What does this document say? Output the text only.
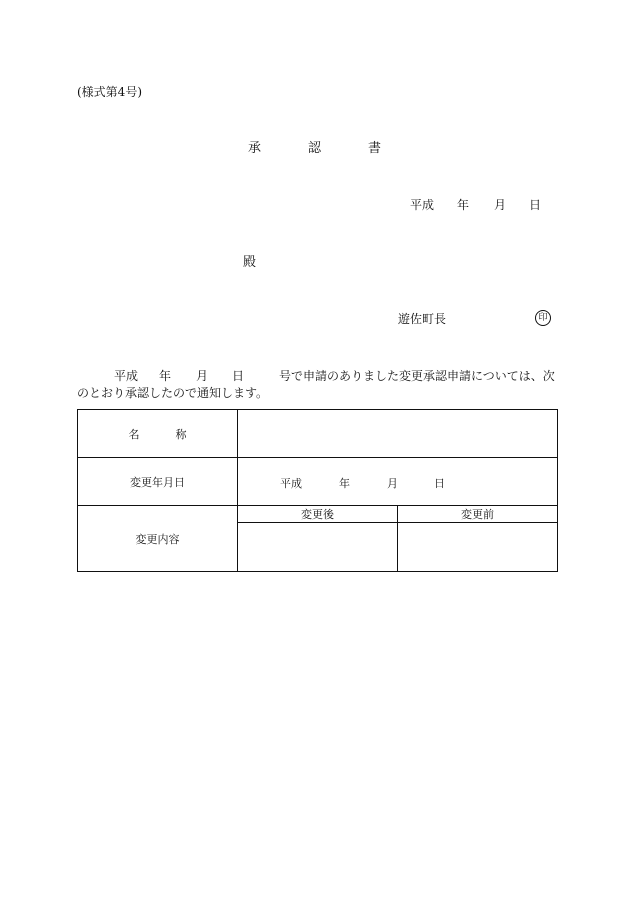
(様式第4号)
承	認	書
平成 年 月 日
殿
遊佐町長	印
平成 年 月 日	号で申請のありました変更承認申請については、次
のとおり承認したので通知します。
名 称		
変更年月日	平成 年 月 日	

変更内容	変更後	変更前
